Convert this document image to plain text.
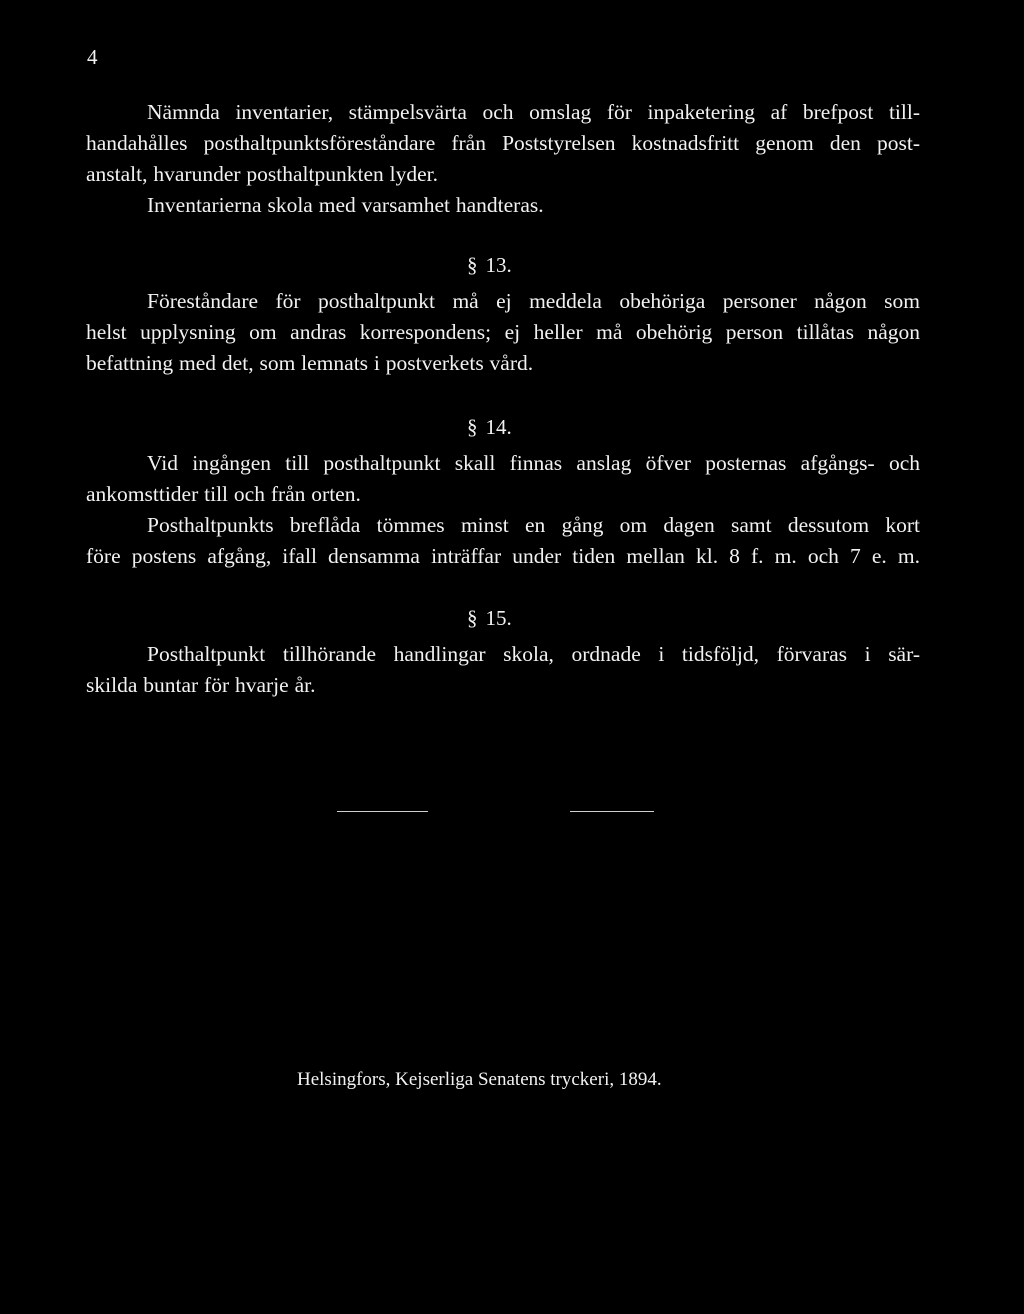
4
Nämnda inventarier, stämpelsvärta och omslag för inpaketering af brefpost till-
handahålles posthaltpunktsföreståndare från Poststyrelsen kostnadsfritt genom den post-
anstalt, hvarunder posthaltpunkten lyder.
Inventarierna skola med varsamhet handteras.
§ 13.
Föreståndare för posthaltpunkt må ej meddela obehöriga personer någon som
helst upplysning om andras korrespondens; ej heller må obehörig person tillåtas någon
befattning med det, som lemnats i postverkets vård.
§ 14.
Vid ingången till posthaltpunkt skall finnas anslag öfver posternas afgångs- och
ankomsttider till och från orten.
Posthaltpunkts breflåda tömmes minst en gång om dagen samt dessutom kort
före postens afgång, ifall densamma inträffar under tiden mellan kl. 8 f. m. och 7 e. m.
§ 15.
Posthaltpunkt tillhörande handlingar skola, ordnade i tidsföljd, förvaras i sär-
skilda buntar för hvarje år.
Helsingfors, Kejserliga Senatens tryckeri, 1894.
